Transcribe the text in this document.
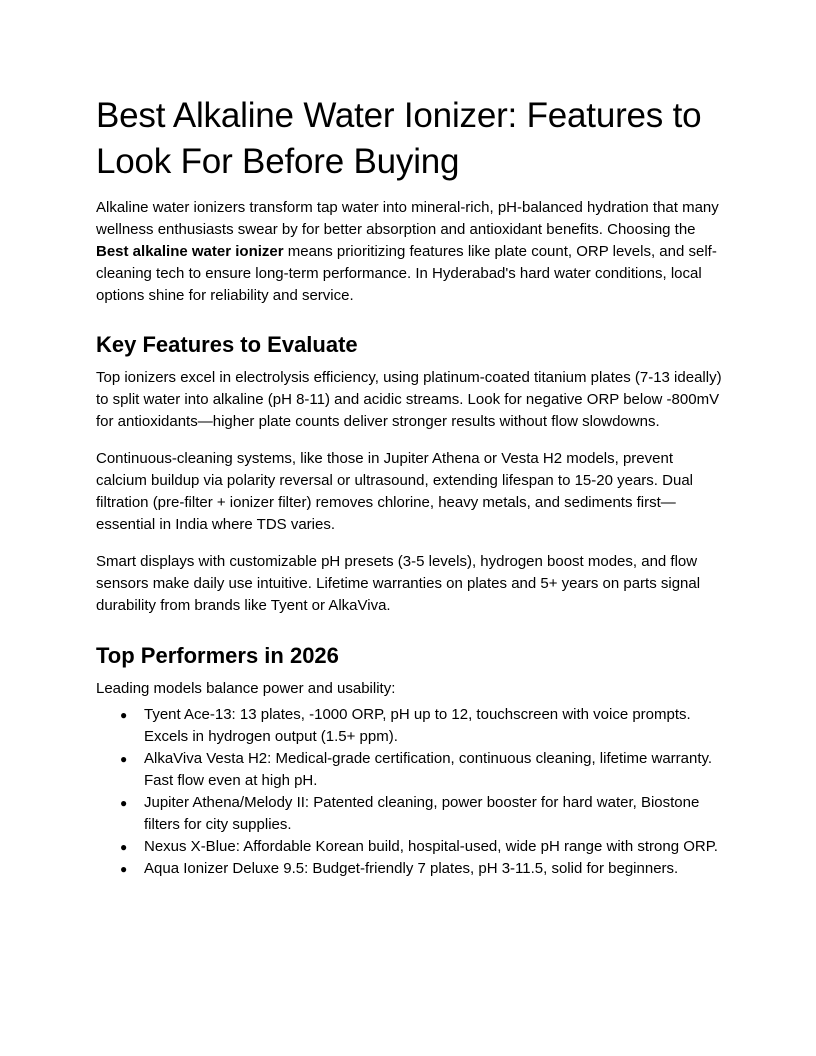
Best Alkaline Water Ionizer: Features to Look For Before Buying

Alkaline water ionizers transform tap water into mineral-rich, pH-balanced hydration that many wellness enthusiasts swear by for better absorption and antioxidant benefits. Choosing the Best alkaline water ionizer means prioritizing features like plate count, ORP levels, and self-cleaning tech to ensure long-term performance. In Hyderabad's hard water conditions, local options shine for reliability and service.

Key Features to Evaluate

Top ionizers excel in electrolysis efficiency, using platinum-coated titanium plates (7-13 ideally) to split water into alkaline (pH 8-11) and acidic streams. Look for negative ORP below -800mV for antioxidants—higher plate counts deliver stronger results without flow slowdowns.

Continuous-cleaning systems, like those in Jupiter Athena or Vesta H2 models, prevent calcium buildup via polarity reversal or ultrasound, extending lifespan to 15-20 years. Dual filtration (pre-filter + ionizer filter) removes chlorine, heavy metals, and sediments first—essential in India where TDS varies.

Smart displays with customizable pH presets (3-5 levels), hydrogen boost modes, and flow sensors make daily use intuitive. Lifetime warranties on plates and 5+ years on parts signal durability from brands like Tyent or AlkaViva.

Top Performers in 2026

Leading models balance power and usability:

● Tyent Ace-13: 13 plates, -1000 ORP, pH up to 12, touchscreen with voice prompts. Excels in hydrogen output (1.5+ ppm).
● AlkaViva Vesta H2: Medical-grade certification, continuous cleaning, lifetime warranty. Fast flow even at high pH.
● Jupiter Athena/Melody II: Patented cleaning, power booster for hard water, Biostone filters for city supplies.
● Nexus X-Blue: Affordable Korean build, hospital-used, wide pH range with strong ORP.
● Aqua Ionizer Deluxe 9.5: Budget-friendly 7 plates, pH 3-11.5, solid for beginners.
